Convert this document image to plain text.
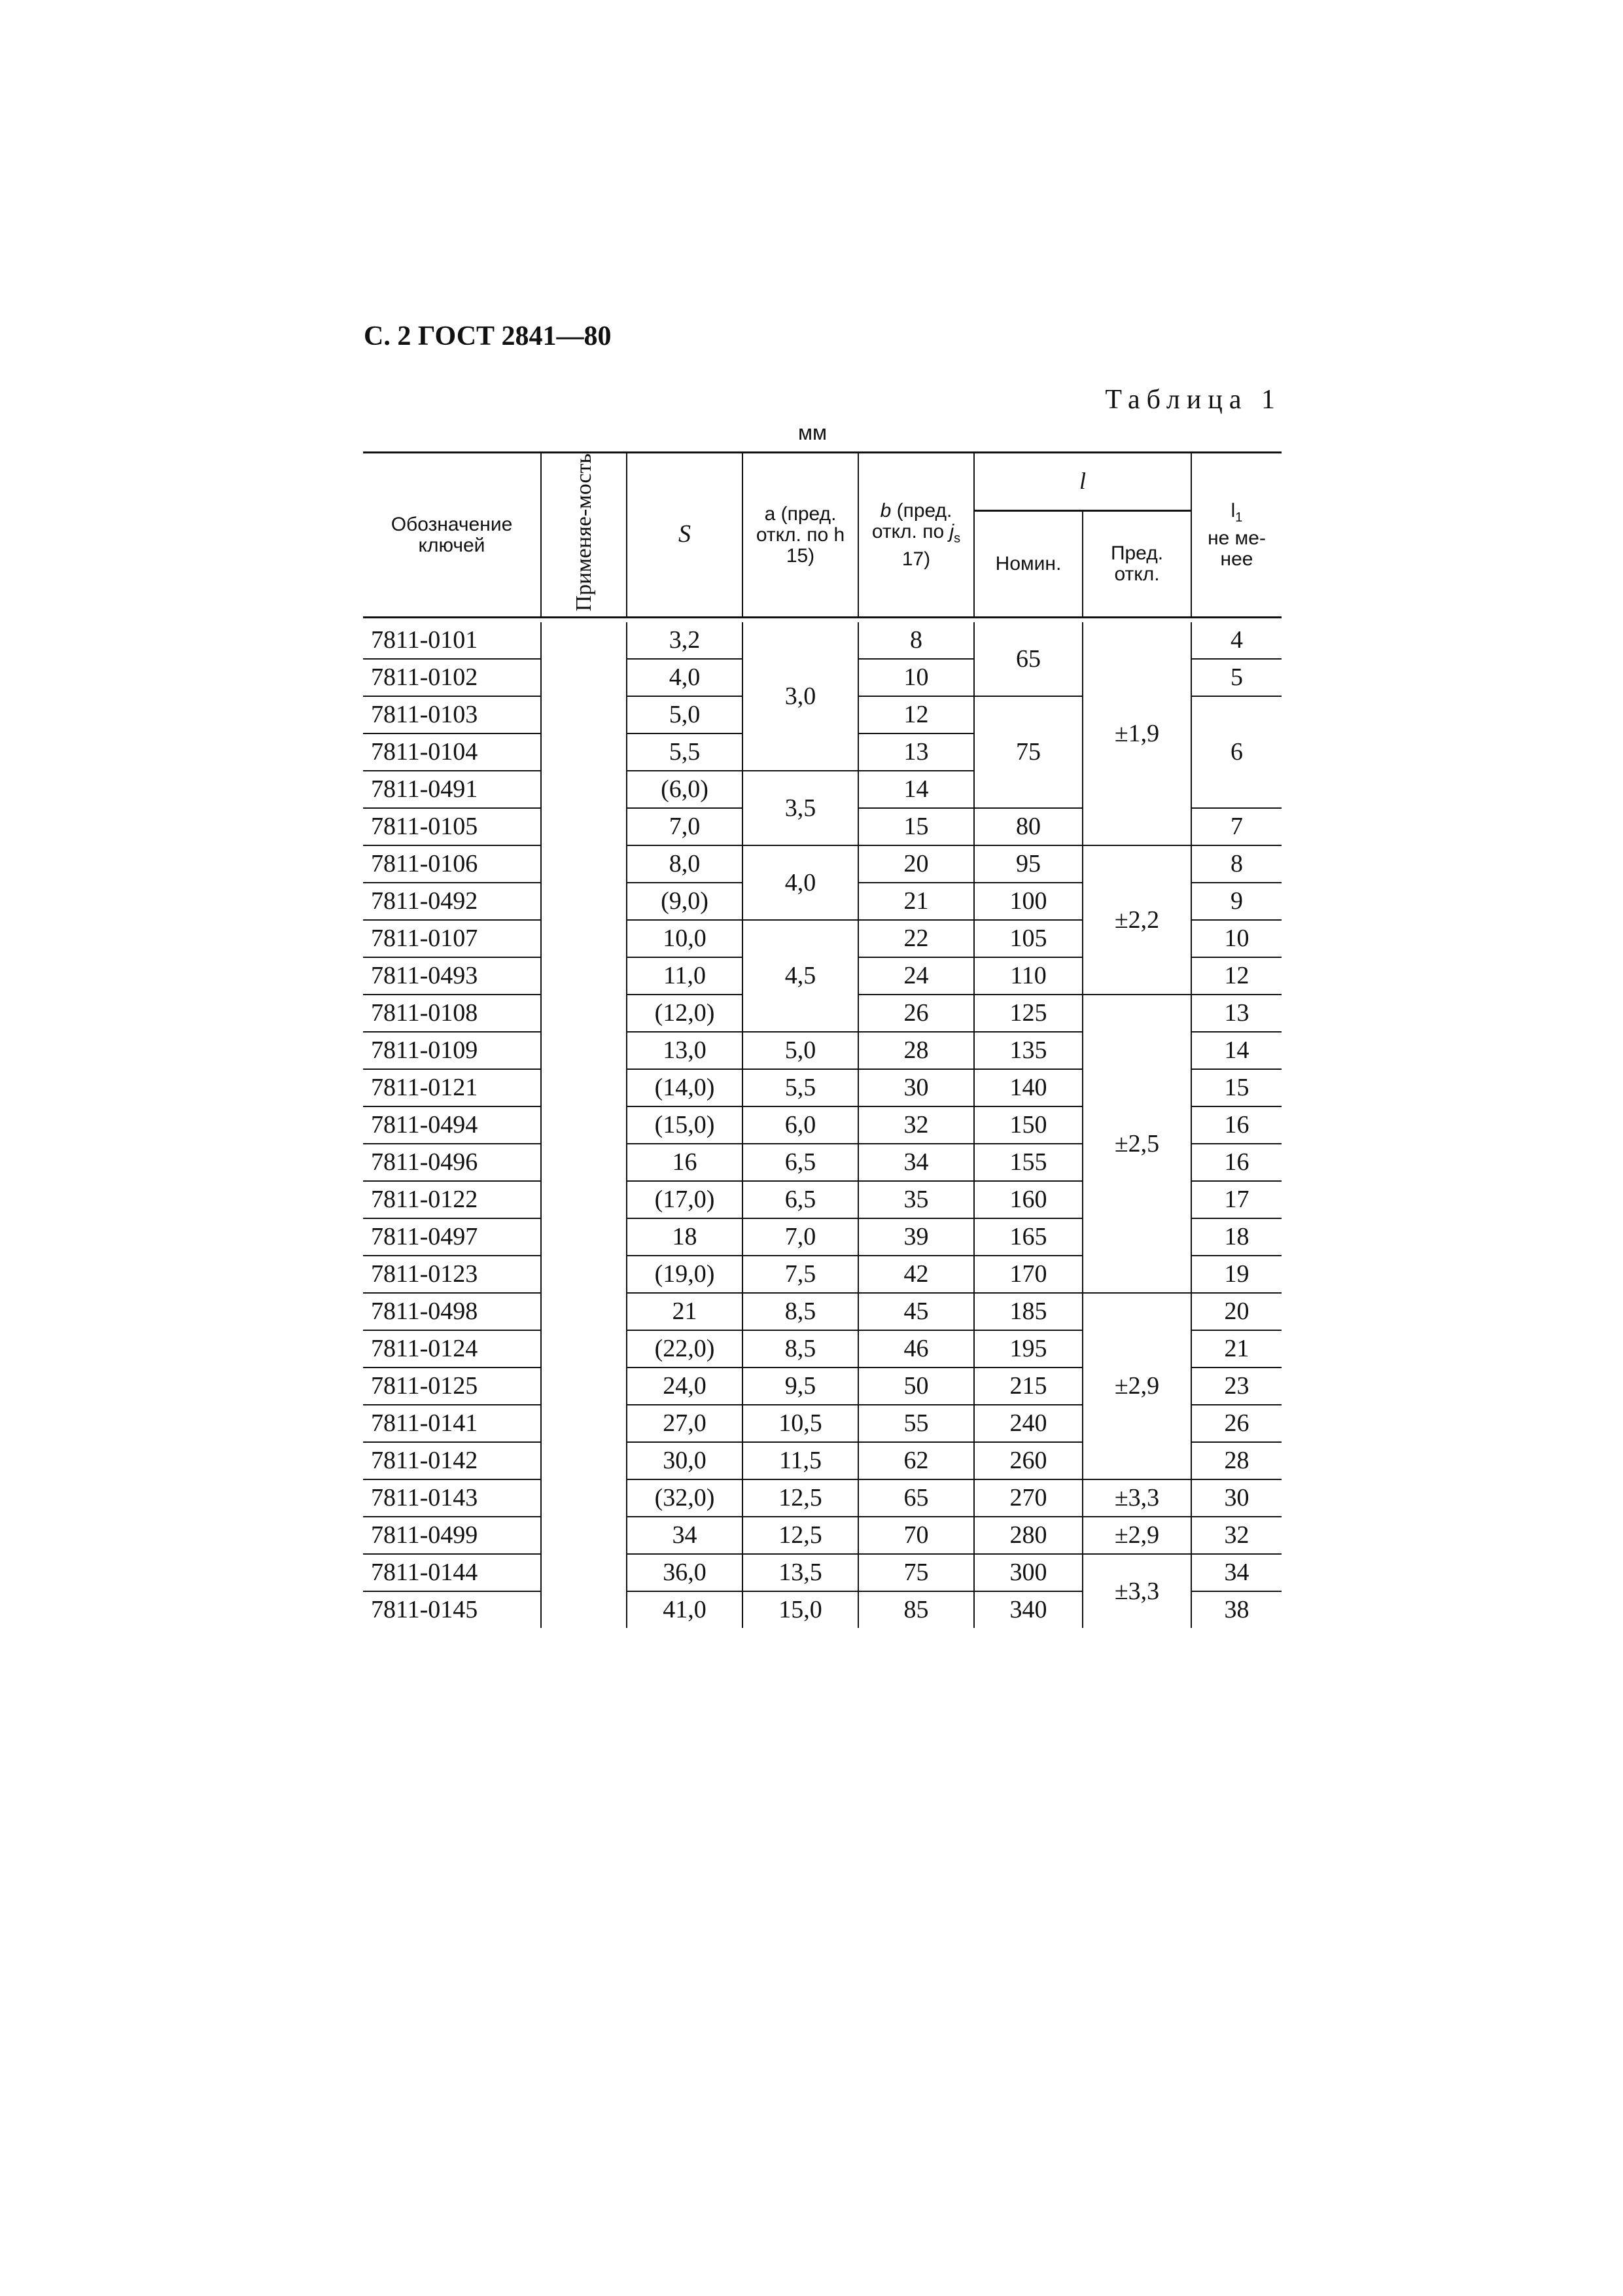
С. 2 ГОСТ 2841—80
Таблица 1
мм
Обозначение ключей	Применяе-мость	S	а (пред. откл. по h 15)	b (пред. откл. по $j_s$ 17)	l		$l_1$
не ме-нее
					Номин.	Пред. откл.	

7811-0101		3,2	3,0	8	65	±1,9	4
7811-0102		4,0		10			5
7811-0103		5,0		12	75		6
7811-0104		5,5		13			
7811-0491		(6,0)	3,5	14			
7811-0105		7,0		15	80		7
7811-0106		8,0	4,0	20	95	±2,2	8
7811-0492		(9,0)		21	100		9
7811-0107		10,0	4,5	22	105		10
7811-0493		11,0		24	110		12
7811-0108		(12,0)		26	125	±2,5	13
7811-0109		13,0	5,0	28	135		14
7811-0121		(14,0)	5,5	30	140		15
7811-0494		(15,0)	6,0	32	150		16
7811-0496		16	6,5	34	155		16
7811-0122		(17,0)	6,5	35	160		17
7811-0497		18	7,0	39	165		18
7811-0123		(19,0)	7,5	42	170		19
7811-0498		21	8,5	45	185	±2,9	20
7811-0124		(22,0)	8,5	46	195		21
7811-0125		24,0	9,5	50	215		23
7811-0141		27,0	10,5	55	240		26
7811-0142		30,0	11,5	62	260		28
7811-0143		(32,0)	12,5	65	270	±3,3	30
7811-0499		34	12,5	70	280	±2,9	32
7811-0144		36,0	13,5	75	300	±3,3	34
7811-0145		41,0	15,0	85	340		38
